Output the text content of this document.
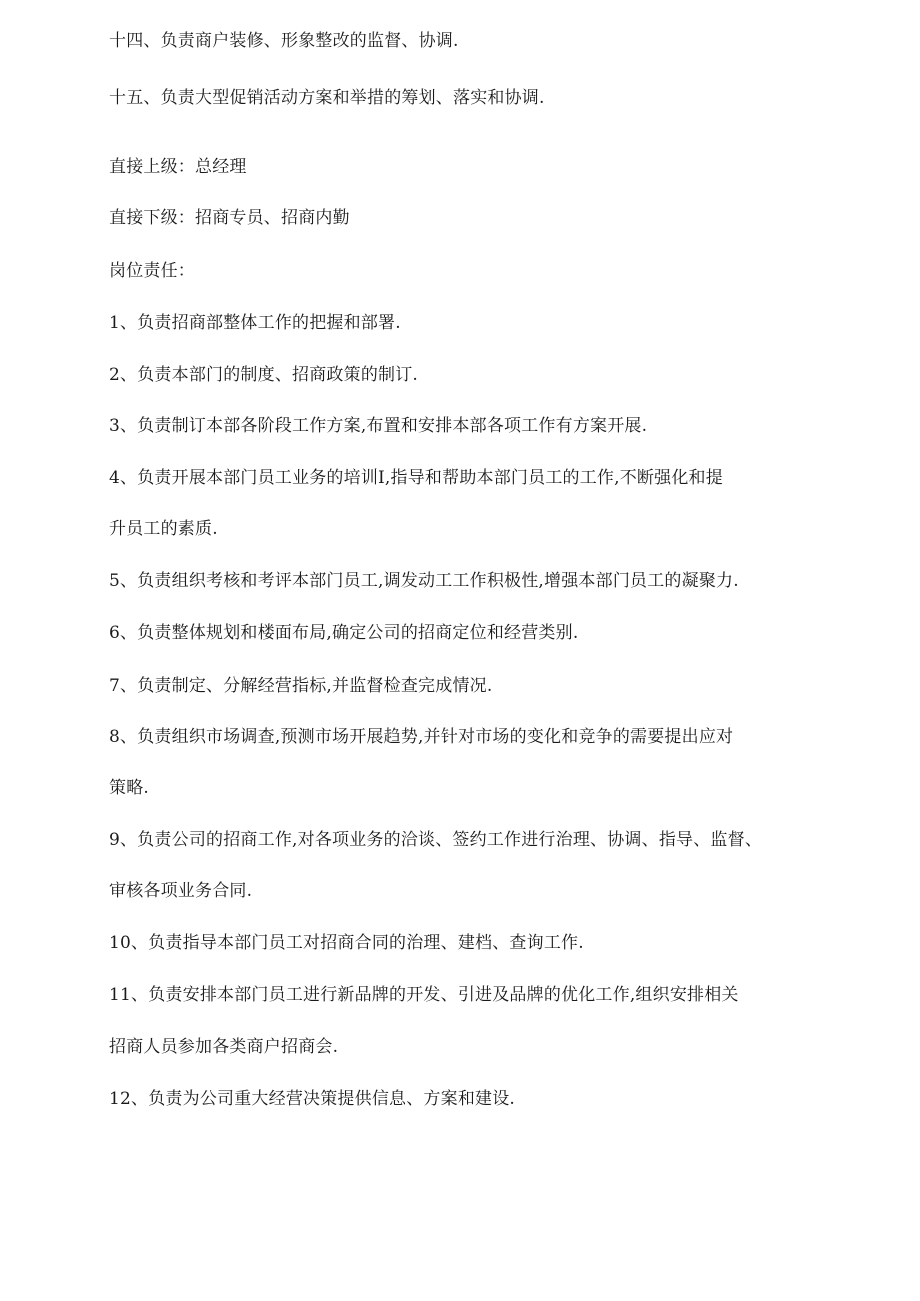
十四、负责商户装修、形象整改的监督、协调.
十五、负责大型促销活动方案和举措的筹划、落实和协调.
直接上级：总经理
直接下级：招商专员、招商内勤
岗位责任：
1、负责招商部整体工作的把握和部署.
2、负责本部门的制度、招商政策的制订.
3、负责制订本部各阶段工作方案,布置和安排本部各项工作有方案开展.
4、负责开展本部门员工业务的培训I,指导和帮助本部门员工的工作,不断强化和提
升员工的素质.
5、负责组织考核和考评本部门员工,调发动工工作积极性,增强本部门员工的凝聚力.
6、负责整体规划和楼面布局,确定公司的招商定位和经营类别.
7、负责制定、分解经营指标,并监督检查完成情况.
8、负责组织市场调查,预测市场开展趋势,并针对市场的变化和竞争的需要提出应对
策略.
9、负责公司的招商工作,对各项业务的洽谈、签约工作进行治理、协调、指导、监督、
审核各项业务合同.
10、负责指导本部门员工对招商合同的治理、建档、查询工作.
11、负责安排本部门员工进行新品牌的开发、引进及品牌的优化工作,组织安排相关
招商人员参加各类商户招商会.
12、负责为公司重大经营决策提供信息、方案和建设.
